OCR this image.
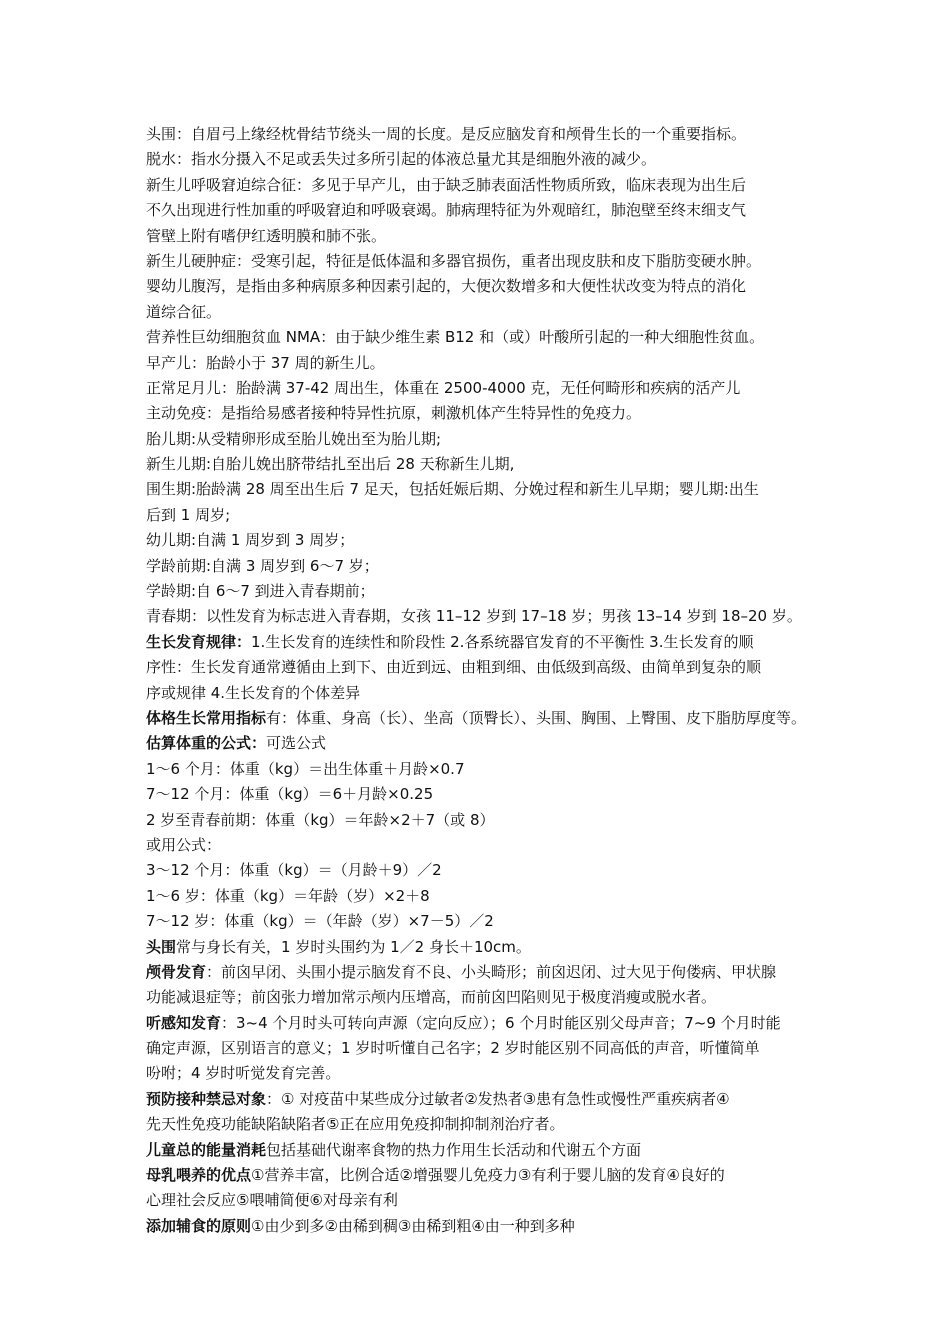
头围：自眉弓上缘经枕骨结节绕头一周的长度。是反应脑发育和颅骨生长的一个重要指标。
脱水：指水分摄入不足或丢失过多所引起的体液总量尤其是细胞外液的减少。
新生儿呼吸窘迫综合征：多见于早产儿，由于缺乏肺表面活性物质所致，临床表现为出生后
不久出现进行性加重的呼吸窘迫和呼吸衰竭。肺病理特征为外观暗红，肺泡壁至终末细支气
管壁上附有嗜伊红透明膜和肺不张。
新生儿硬肿症：受寒引起，特征是低体温和多器官损伤，重者出现皮肤和皮下脂肪变硬水肿。
婴幼儿腹泻，是指由多种病原多种因素引起的，大便次数增多和大便性状改变为特点的消化
道综合征。
营养性巨幼细胞贫血 NMA：由于缺少维生素 B12 和（或）叶酸所引起的一种大细胞性贫血。
早产儿：胎龄小于 37 周的新生儿。
正常足月儿：胎龄满 37-42 周出生，体重在 2500-4000 克，无任何畸形和疾病的活产儿
主动免疫：是指给易感者接种特异性抗原，刺激机体产生特异性的免疫力。
胎儿期:从受精卵形成至胎儿娩出至为胎儿期;
新生儿期:自胎儿娩出脐带结扎至出后 28 天称新生儿期,
围生期:胎龄满 28 周至出生后 7 足天，包括妊娠后期、分娩过程和新生儿早期；婴儿期:出生
后到 1 周岁;
幼儿期:自满 1 周岁到 3 周岁；
学龄前期:自满 3 周岁到 6～7 岁；
学龄期:自 6～7 到进入青春期前；
青春期：以性发育为标志进入青春期，女孩 11–12 岁到 17–18 岁；男孩 13–14 岁到 18–20 岁。
生长发育规律：1.生长发育的连续性和阶段性 2.各系统器官发育的不平衡性 3.生长发育的顺
序性：生长发育通常遵循由上到下、由近到远、由粗到细、由低级到高级、由简单到复杂的顺
序或规律 4.生长发育的个体差异
体格生长常用指标有：体重、身高（长）、坐高（顶臀长）、头围、胸围、上臀围、皮下脂肪厚度等。
估算体重的公式：可选公式
1～6 个月：体重（kg）＝出生体重＋月龄×0.7
7～12 个月：体重（kg）＝6＋月龄×0.25
2 岁至青春前期：体重（kg）＝年龄×2＋7（或 8）
或用公式：
3～12 个月：体重（kg）＝（月龄＋9）／2
1～6 岁：体重（kg）＝年龄（岁）×2＋8
7～12 岁：体重（kg）＝（年龄（岁）×7－5）／2
头围常与身长有关，1 岁时头围约为 1／2 身长＋10cm。
颅骨发育：前囟早闭、头围小提示脑发育不良、小头畸形；前囟迟闭、过大见于佝偻病、甲状腺
功能减退症等；前囟张力增加常示颅内压增高，而前囟凹陷则见于极度消瘦或脱水者。
听感知发育：3~4 个月时头可转向声源（定向反应）；6 个月时能区别父母声音；7~9 个月时能
确定声源，区别语言的意义；1 岁时听懂自己名字；2 岁时能区别不同高低的声音，听懂简单
吩咐；4 岁时听觉发育完善。
预防接种禁忌对象：① 对疫苗中某些成分过敏者②发热者③患有急性或慢性严重疾病者④
先天性免疫功能缺陷缺陷者⑤正在应用免疫抑制抑制剂治疗者。
儿童总的能量消耗包括基础代谢率食物的热力作用生长活动和代谢五个方面
母乳喂养的优点①营养丰富，比例合适②增强婴儿免疫力③有利于婴儿脑的发育④良好的
心理社会反应⑤喂哺简便⑥对母亲有利
添加辅食的原则①由少到多②由稀到稠③由稀到粗④由一种到多种
